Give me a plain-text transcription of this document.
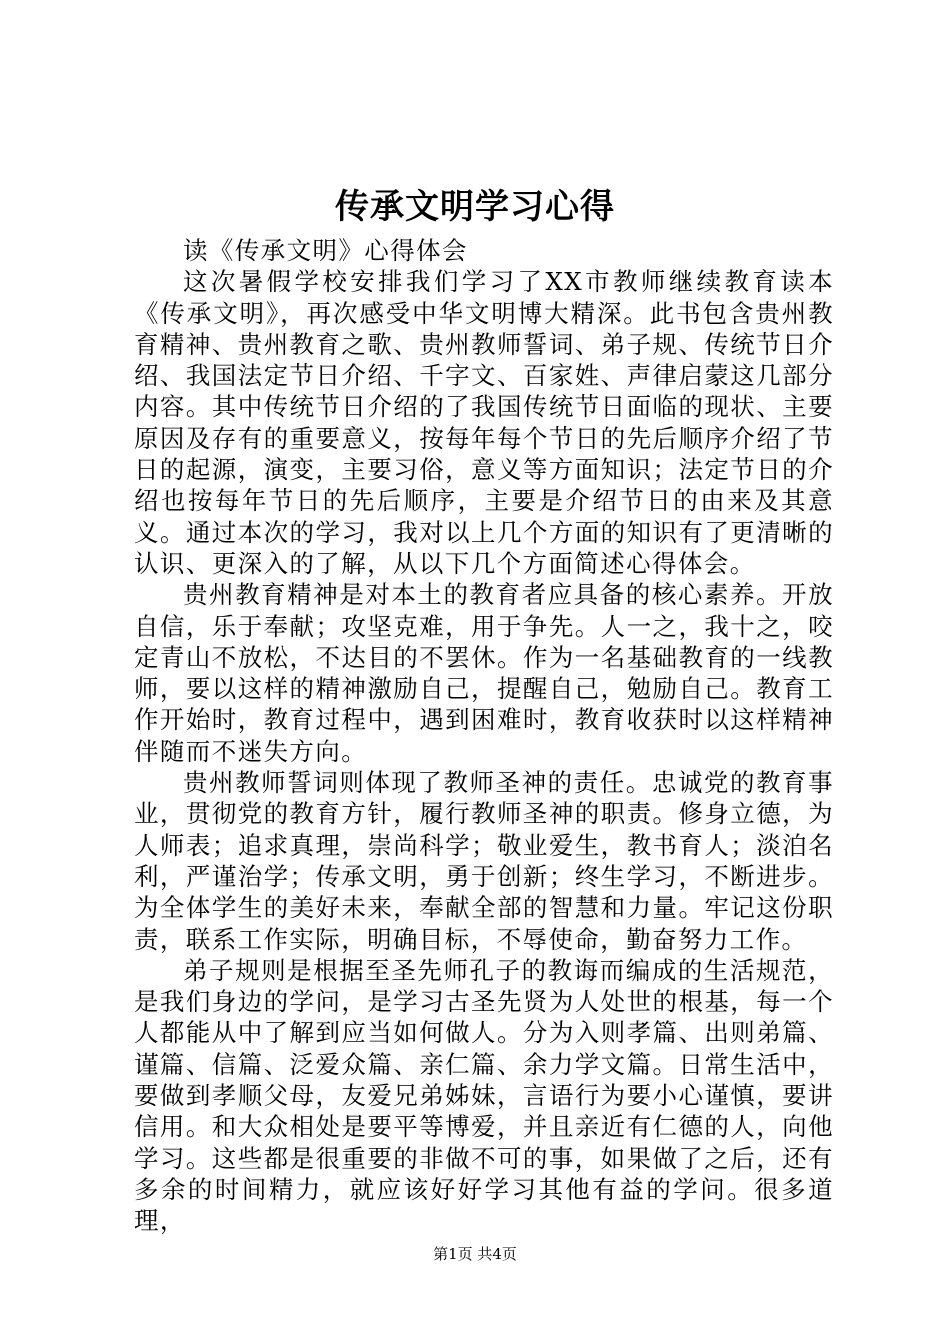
传承文明学习心得

读《传承文明》心得体会

这次暑假学校安排我们学习了XX市教师继续教育读本《传承文明》，再次感受中华文明博大精深。此书包含贵州教育精神、贵州教育之歌、贵州教师誓词、弟子规、传统节日介绍、我国法定节日介绍、千字文、百家姓、声律启蒙这几部分内容。其中传统节日介绍的了我国传统节日面临的现状、主要原因及存有的重要意义，按每年每个节日的先后顺序介绍了节日的起源，演变，主要习俗，意义等方面知识；法定节日的介绍也按每年节日的先后顺序，主要是介绍节日的由来及其意义。通过本次的学习，我对以上几个方面的知识有了更清晰的认识、更深入的了解，从以下几个方面简述心得体会。

贵州教育精神是对本土的教育者应具备的核心素养。开放自信，乐于奉献；攻坚克难，用于争先。人一之，我十之，咬定青山不放松，不达目的不罢休。作为一名基础教育的一线教师，要以这样的精神激励自己，提醒自己，勉励自己。教育工作开始时，教育过程中，遇到困难时，教育收获时以这样精神伴随而不迷失方向。

贵州教师誓词则体现了教师圣神的责任。忠诚党的教育事业，贯彻党的教育方针，履行教师圣神的职责。修身立德，为人师表；追求真理，崇尚科学；敬业爱生，教书育人；淡泊名利，严谨治学；传承文明，勇于创新；终生学习，不断进步。为全体学生的美好未来，奉献全部的智慧和力量。牢记这份职责，联系工作实际，明确目标，不辱使命，勤奋努力工作。

弟子规则是根据至圣先师孔子的教诲而编成的生活规范，是我们身边的学问，是学习古圣先贤为人处世的根基，每一个人都能从中了解到应当如何做人。分为入则孝篇、出则弟篇、谨篇、信篇、泛爱众篇、亲仁篇、余力学文篇。日常生活中，要做到孝顺父母，友爱兄弟姊妹，言语行为要小心谨慎，要讲信用。和大众相处是要平等博爱，并且亲近有仁德的人，向他学习。这些都是很重要的非做不可的事，如果做了之后，还有多余的时间精力，就应该好好学习其他有益的学问。很多道理，

第1页 共4页
